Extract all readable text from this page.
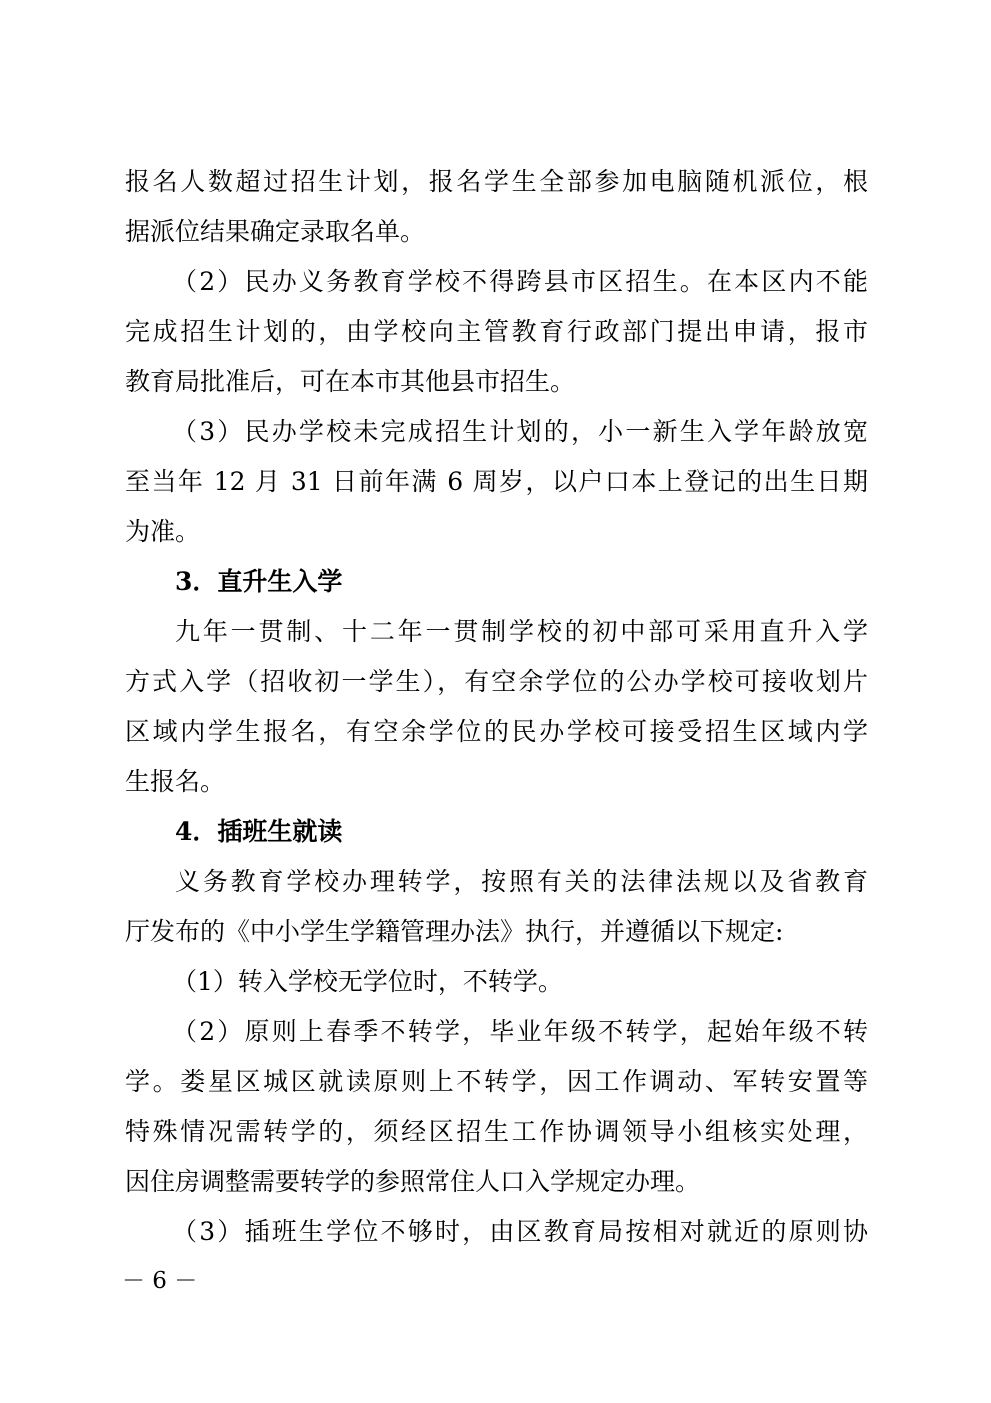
报名人数超过招生计划，报名学生全部参加电脑随机派位，根
据派位结果确定录取名单。
（2）民办义务教育学校不得跨县市区招生。在本区内不能
完成招生计划的，由学校向主管教育行政部门提出申请，报市
教育局批准后，可在本市其他县市招生。
（3）民办学校未完成招生计划的，小一新生入学年龄放宽
至当年 12 月 31 日前年满 6 周岁，以户口本上登记的出生日期
为准。
3．直升生入学
九年一贯制、十二年一贯制学校的初中部可采用直升入学
方式入学（招收初一学生），有空余学位的公办学校可接收划片
区域内学生报名，有空余学位的民办学校可接受招生区域内学
生报名。
4．插班生就读
义务教育学校办理转学，按照有关的法律法规以及省教育
厅发布的《中小学生学籍管理办法》执行，并遵循以下规定:
（1）转入学校无学位时，不转学。
（2）原则上春季不转学，毕业年级不转学，起始年级不转
学。娄星区城区就读原则上不转学，因工作调动、军转安置等
特殊情况需转学的，须经区招生工作协调领导小组核实处理，
因住房调整需要转学的参照常住人口入学规定办理。
（3）插班生学位不够时，由区教育局按相对就近的原则协
－ 6 －
